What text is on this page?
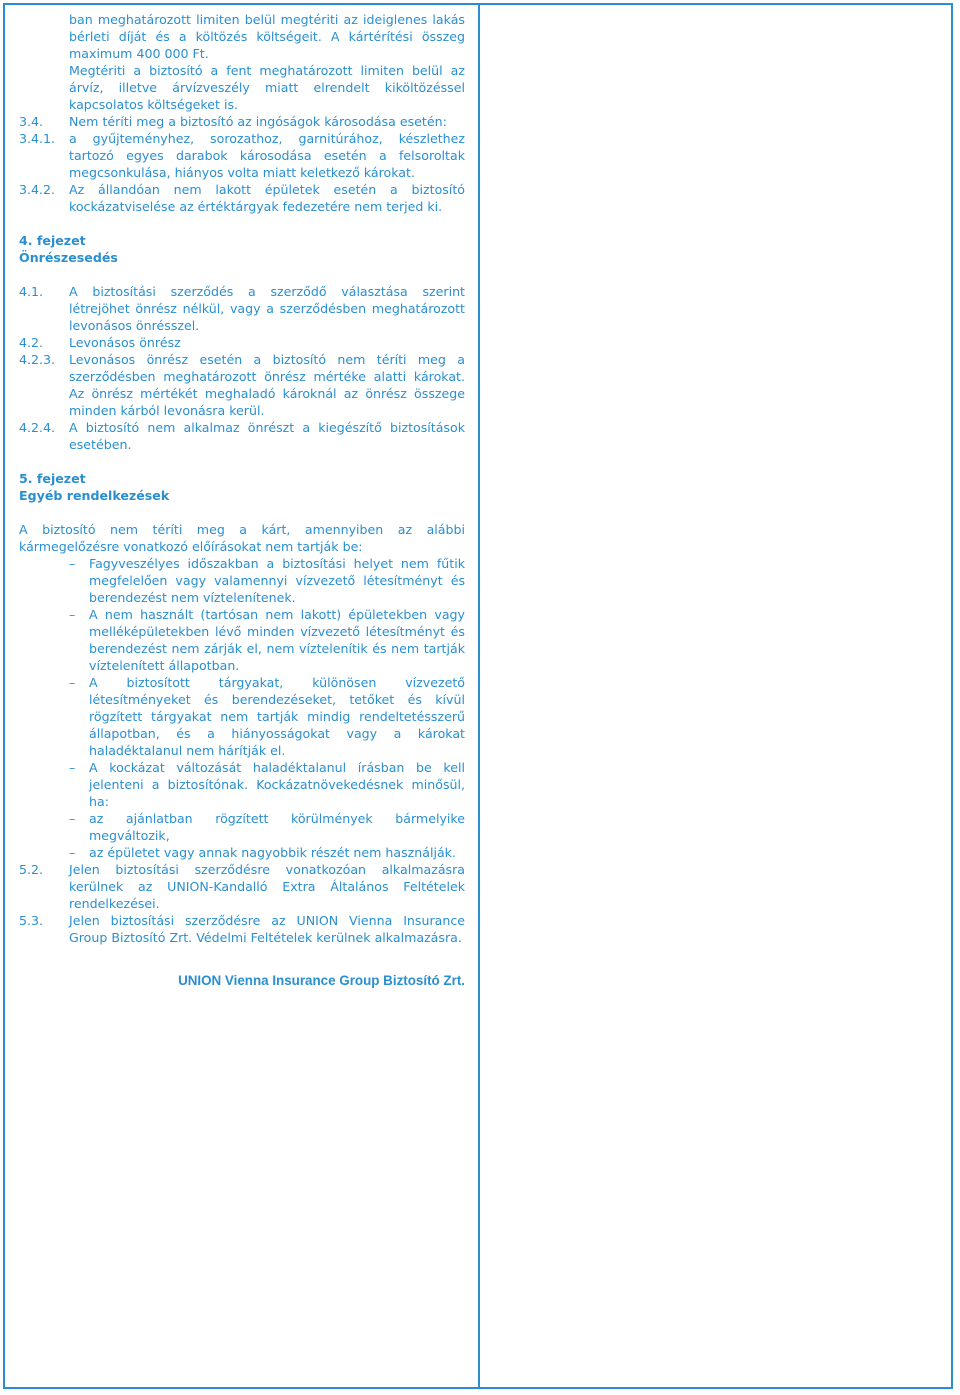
ban meghatározott limiten belül megtériti az ideiglenes lakás bérleti díját és a költözés költségeit. A kártérítési összeg maximum 400 000 Ft.
Megtériti a biztosító a fent meghatározott limiten belül az árvíz, illetve árvízveszély miatt elrendelt kiköltözéssel kapcsolatos költségeket is.
3.4.	Nem téríti meg a biztosító az ingóságok károsodása esetén:
3.4.1.	a gyűjteményhez, sorozathoz, garnitúrához, készlethez tartozó egyes darabok károsodása esetén a felsoroltak megcsonkulása, hiányos volta miatt keletkező károkat.
3.4.2.	Az állandóan nem lakott épületek esetén a biztosító kockázatviselése az értéktárgyak fedezetére nem terjed ki.
4. fejezet
Önrészesedés
4.1.	A biztosítási szerződés a szerződő választása szerint létrejöhet önrész nélkül, vagy a szerződésben meghatározott levonásos önrésszel.
4.2.	Levonásos önrész
4.2.3.	Levonásos önrész esetén a biztosító nem téríti meg a szerződésben meghatározott önrész mértéke alatti károkat. Az önrész mértékét meghaladó károknál az önrész összege minden kárból levonásra kerül.
4.2.4.	A biztosító nem alkalmaz önrészt a kiegészítő biztosítások esetében.
5. fejezet
Egyéb rendelkezések
A biztosító nem téríti meg a kárt, amennyiben az alábbi kármegelőzésre vonatkozó előírásokat nem tartják be:
–	Fagyveszélyes időszakban a biztosítási helyet nem fűtik megfelelően vagy valamennyi vízvezető létesítményt és berendezést nem víztelenítenek.
–	A nem használt (tartósan nem lakott) épületekben vagy melléképületekben lévő minden vízvezető létesítményt és berendezést nem zárják el, nem víztelenítik és nem tartják víztelenített állapotban.
–	A biztosított tárgyakat, különösen vízvezető létesítményeket és berendezéseket, tetőket és kívül rögzített tárgyakat nem tartják mindig rendeltetésszerű állapotban, és a hiányosságokat vagy a károkat haladéktalanul nem hárítják el.
–	A kockázat változását haladéktalanul írásban be kell jelenteni a biztosítónak. Kockázatnövekedésnek minősül, ha:
–	az ajánlatban rögzített körülmények bármelyike megváltozik,
–	az épületet vagy annak nagyobbik részét nem használják.
5.2.	Jelen biztosítási szerződésre vonatkozóan alkalmazásra kerülnek az UNION-Kandalló Extra Általános Feltételek rendelkezései.
5.3.	Jelen biztosítási szerződésre az UNION Vienna Insurance Group Biztosító Zrt. Védelmi Feltételek kerülnek alkalmazásra.
UNION Vienna Insurance Group Biztosító Zrt.
